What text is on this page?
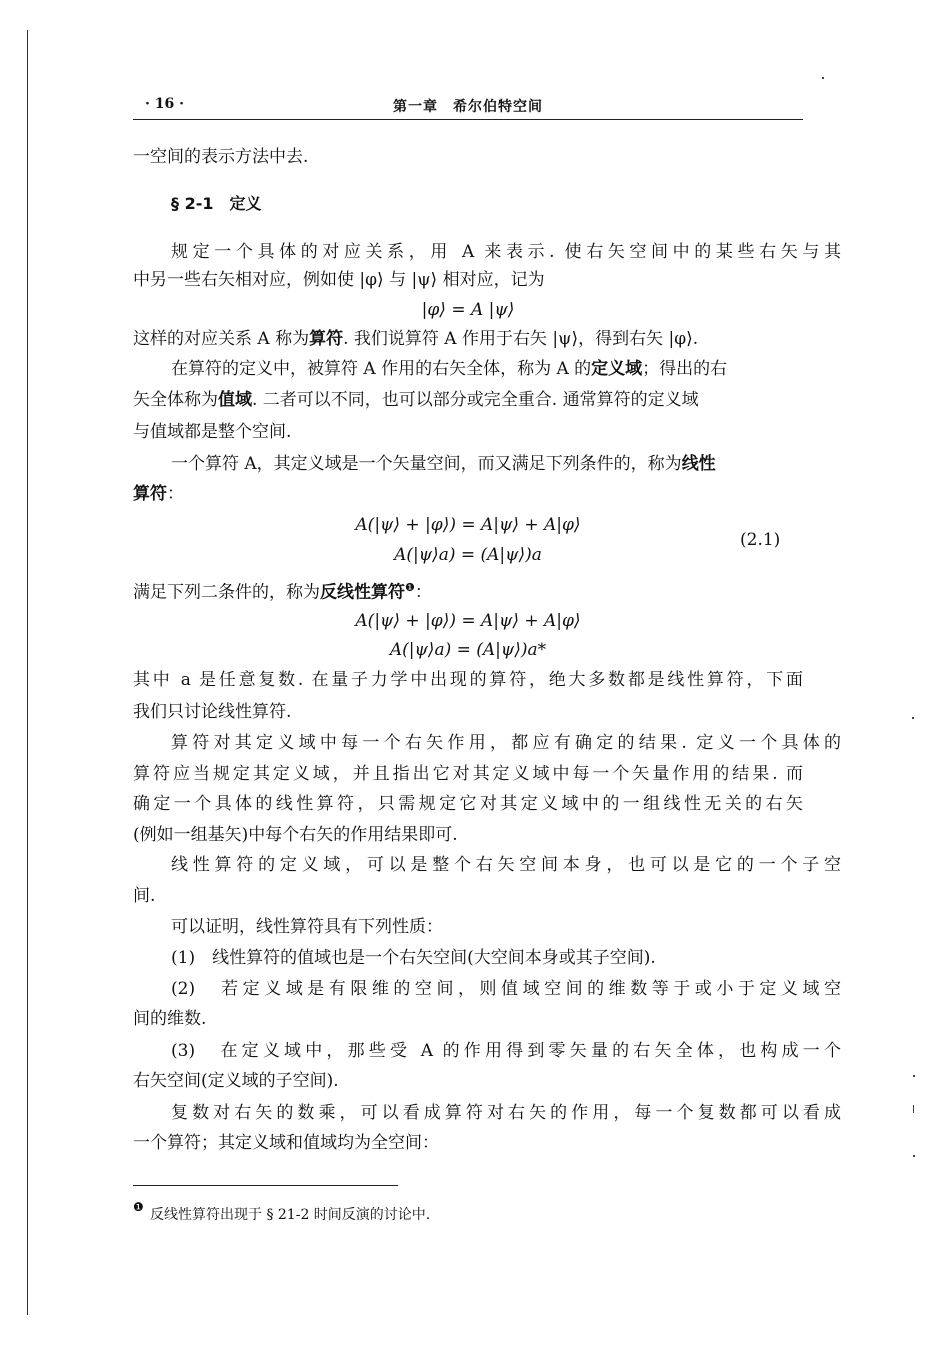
· 16 ·	第一章　希尔伯特空间
一空间的表示方法中去.
§ 2-1　定义
规定一个具体的对应关系，用 A 来表示. 使右矢空间中的某些右矢与其
中另一些右矢相对应，例如使 |φ⟩ 与 |ψ⟩ 相对应，记为
|φ⟩ = A |ψ⟩
这样的对应关系 A 称为算符. 我们说算符 A 作用于右矢 |ψ⟩，得到右矢 |φ⟩.
在算符的定义中，被算符 A 作用的右矢全体，称为 A 的定义域；得出的右
矢全体称为值域. 二者可以不同，也可以部分或完全重合. 通常算符的定义域
与值域都是整个空间.
一个算符 A，其定义域是一个矢量空间，而又满足下列条件的，称为线性
算符：
A(|ψ⟩ + |φ⟩) = A|ψ⟩ + A|φ⟩
A(|ψ⟩a) = (A|ψ⟩)a
(2.1)
满足下列二条件的，称为反线性算符$^❶$：
A(|ψ⟩ + |φ⟩) = A|ψ⟩ + A|φ⟩
A(|ψ⟩a) = (A|ψ⟩)a*
其中 a 是任意复数. 在量子力学中出现的算符，绝大多数都是线性算符，下面
我们只讨论线性算符.
算符对其定义域中每一个右矢作用，都应有确定的结果. 定义一个具体的
算符应当规定其定义域，并且指出它对其定义域中每一个矢量作用的结果. 而
确定一个具体的线性算符，只需规定它对其定义域中的一组线性无关的右矢
(例如一组基矢)中每个右矢的作用结果即可.
线性算符的定义域，可以是整个右矢空间本身，也可以是它的一个子空
间.
可以证明，线性算符具有下列性质：
(1)　线性算符的值域也是一个右矢空间(大空间本身或其子空间).
(2)　若定义域是有限维的空间，则值域空间的维数等于或小于定义域空
间的维数.
(3)　在定义域中，那些受 A 的作用得到零矢量的右矢全体，也构成一个
右矢空间(定义域的子空间).
复数对右矢的数乘，可以看成算符对右矢的作用，每一个复数都可以看成
一个算符；其定义域和值域均为全空间：
❶ 反线性算符出现于 § 21-2 时间反演的讨论中.
